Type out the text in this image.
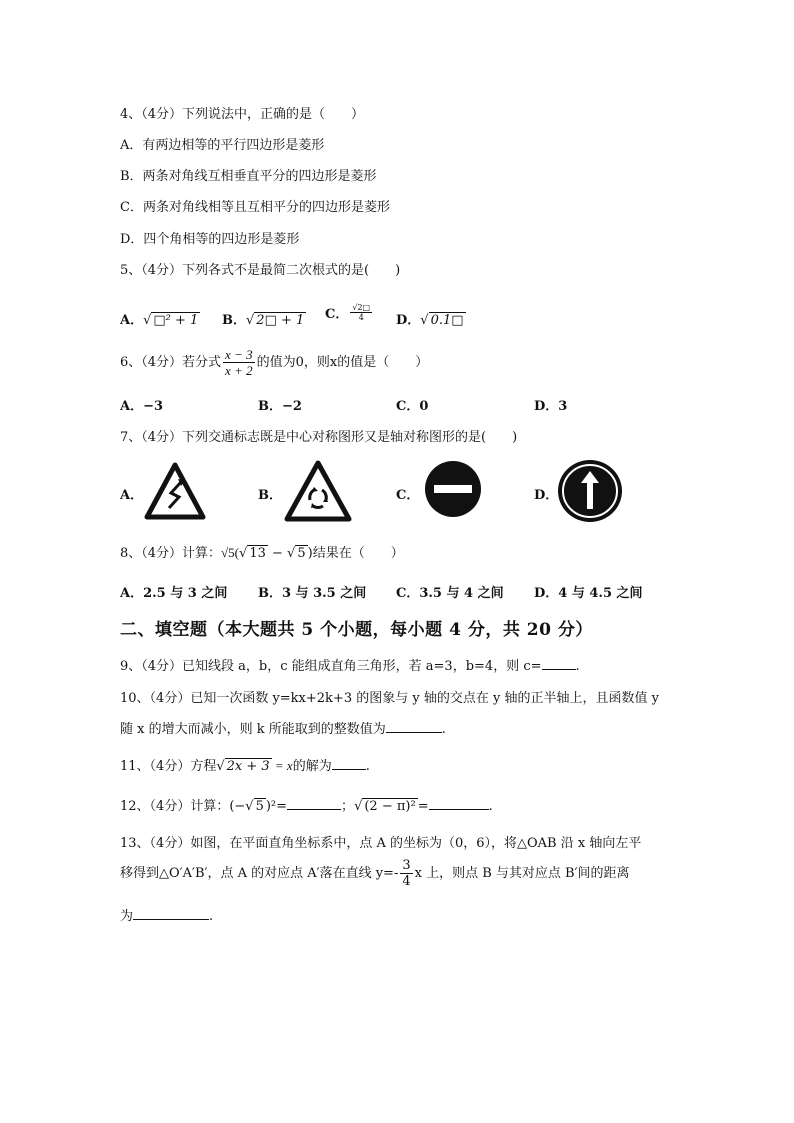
4、（4分）下列说法中，正确的是（　　）
A．有两边相等的平行四边形是菱形
B．两条对角线互相垂直平分的四边形是菱形
C．两条对角线相等且互相平分的四边形是菱形
D．四个角相等的四边形是菱形
5、（4分）下列各式不是最简二次根式的是(　　)
A．√ □² + 1 B．√ 2□ + 1 C． $\frac{√2□}{4}$ D．√ 0.1□
6、（4分）若分式 $\frac{x - 3}{x + 2}$ 的值为0，则x的值是（　　）
A．−3	B．−2	C．0	D．3
7、（4分）下列交通标志既是中心对称图形又是轴对称图形的是(　　)
A．	B．	C．	D．
8、（4分）计算：√5(√ 13 − √ 5 )结果在（　　）
A．2.5 与 3 之间 B．3 与 3.5 之间 C．3.5 与 4 之间 D．4 与 4.5 之间
二、填空题（本大题共 5 个小题，每小题 4 分，共 20 分）
9、（4分）已知线段 a，b，c 能组成直角三角形，若 a=3，b=4，则 c=	.
10、（4分）已知一次函数 y=kx+2k+3 的图象与 y 轴的交点在 y 轴的正半轴上，且函数值 y
随 x 的增大而减小，则 k 所能取到的整数值为	.
11、（4分）方程√ 2x + 3 = x的解为	.
12、（4分）计算：(−√ 5 )²=	；√ (2 − π)² =	.
13、（4分）如图，在平面直角坐标系中，点 A 的坐标为（0，6），将△OAB 沿 x 轴向左平
移得到△O′A′B′，点 A 的对应点 A′落在直线 $y=- \frac{3}{4}$ x 上，则点 B 与其对应点 B′间的距离
为	.
